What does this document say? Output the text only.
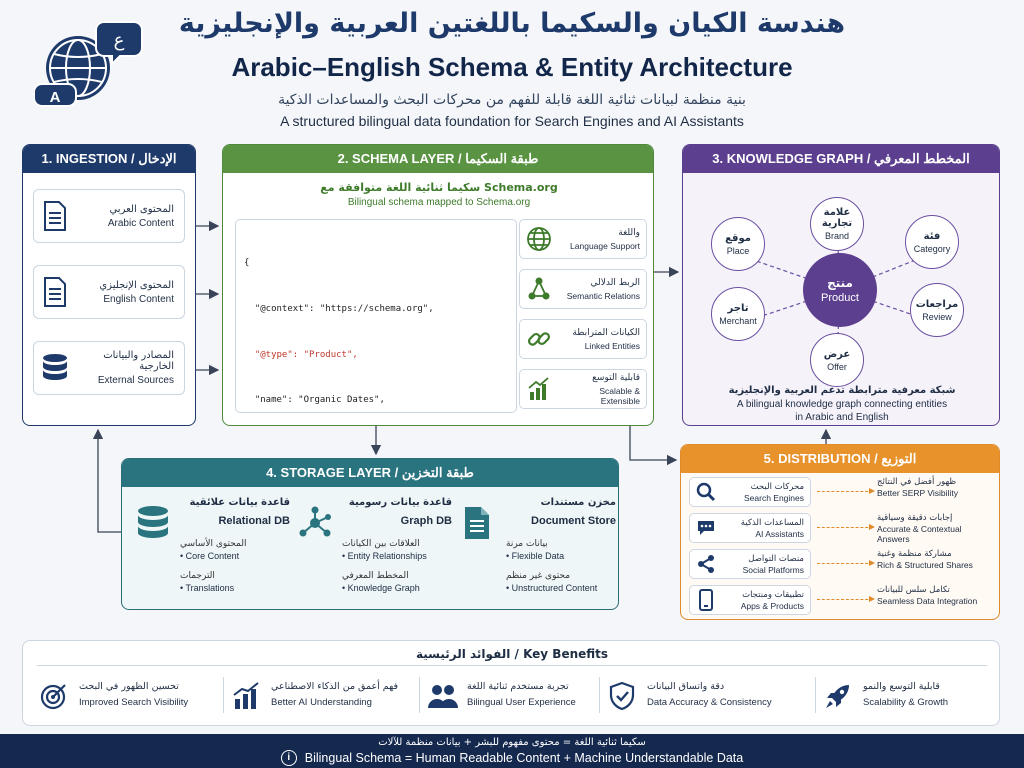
ع
A
هندسة الكيان والسكيما باللغتين العربية والإنجليزية
Arabic–English Schema & Entity Architecture
بنية منظمة لبيانات ثنائية اللغة قابلة للفهم من محركات البحث والمساعدات الذكية
A structured bilingual data foundation for Search Engines and AI Assistants
1. INGESTION / الإدخال
المحتوى العربي
Arabic Content
المحتوى الإنجليزي
English Content
المصادر والبيانات الخارجية
External Sources
2. SCHEMA LAYER / طبقة السكيما
سكيما ثنائية اللغة متوافقة مع Schema.org
Bilingual schema mapped to Schema.org

{

"@context": "https://schema.org",

"@type": "Product",

"name": "Organic Dates",

واللغة
Language Support
الربط الدلالي
Semantic Relations
الكيانات المترابطة
Linked Entities
قابلية التوسع
Scalable & Extensible
3. KNOWLEDGE GRAPH / المخطط المعرفي
علامة تجارية
Brand	فئة
Category
مراجعات
Review
عرض
Offer
تاجر
Merchant
موقع
Place
منتج
Product
شبكة معرفية مترابطة تدعم العربية والإنجليزية
A bilingual knowledge graph connecting entities
in Arabic and English
4. STORAGE LAYER / طبقة التخزين
قاعدة بيانات علائقية
Relational DB
المحتوى الأساسي
• Core Content
الترجمات
• Translations
قاعدة بيانات رسومية
Graph DB
العلاقات بين الكيانات
• Entity Relationships
المخطط المعرفي
• Knowledge Graph
مخزن مستندات
Document Store
بيانات مرنة
• Flexible Data
محتوى غير منظم
• Unstructured Content
5. DISTRIBUTION / التوزيع
محركات البحث
Search Engines
ظهور أفضل في النتائج
Better SERP Visibility
المساعدات الذكية
AI Assistants
إجابات دقيقة وسياقية
Accurate & Contextual Answers
منصات التواصل
Social Platforms
مشاركة منظمة وغنية
Rich & Structured Shares
تطبيقات ومنتجات
Apps & Products
تكامل سلس للبيانات
Seamless Data Integration
الفوائد الرئيسية / Key Benefits
تحسين الظهور في البحث
Improved Search Visibility
فهم أعمق من الذكاء الاصطناعي
Better AI Understanding
تجربة مستخدم ثنائية اللغة
Bilingual User Experience
دقة واتساق البيانات
Data Accuracy & Consistency
قابلية التوسع والنمو
Scalability & Growth
سكيما ثنائية اللغة = محتوى مفهوم للبشر + بيانات منظمة للآلات
i	Bilingual Schema = Human Readable Content + Machine Understandable Data
